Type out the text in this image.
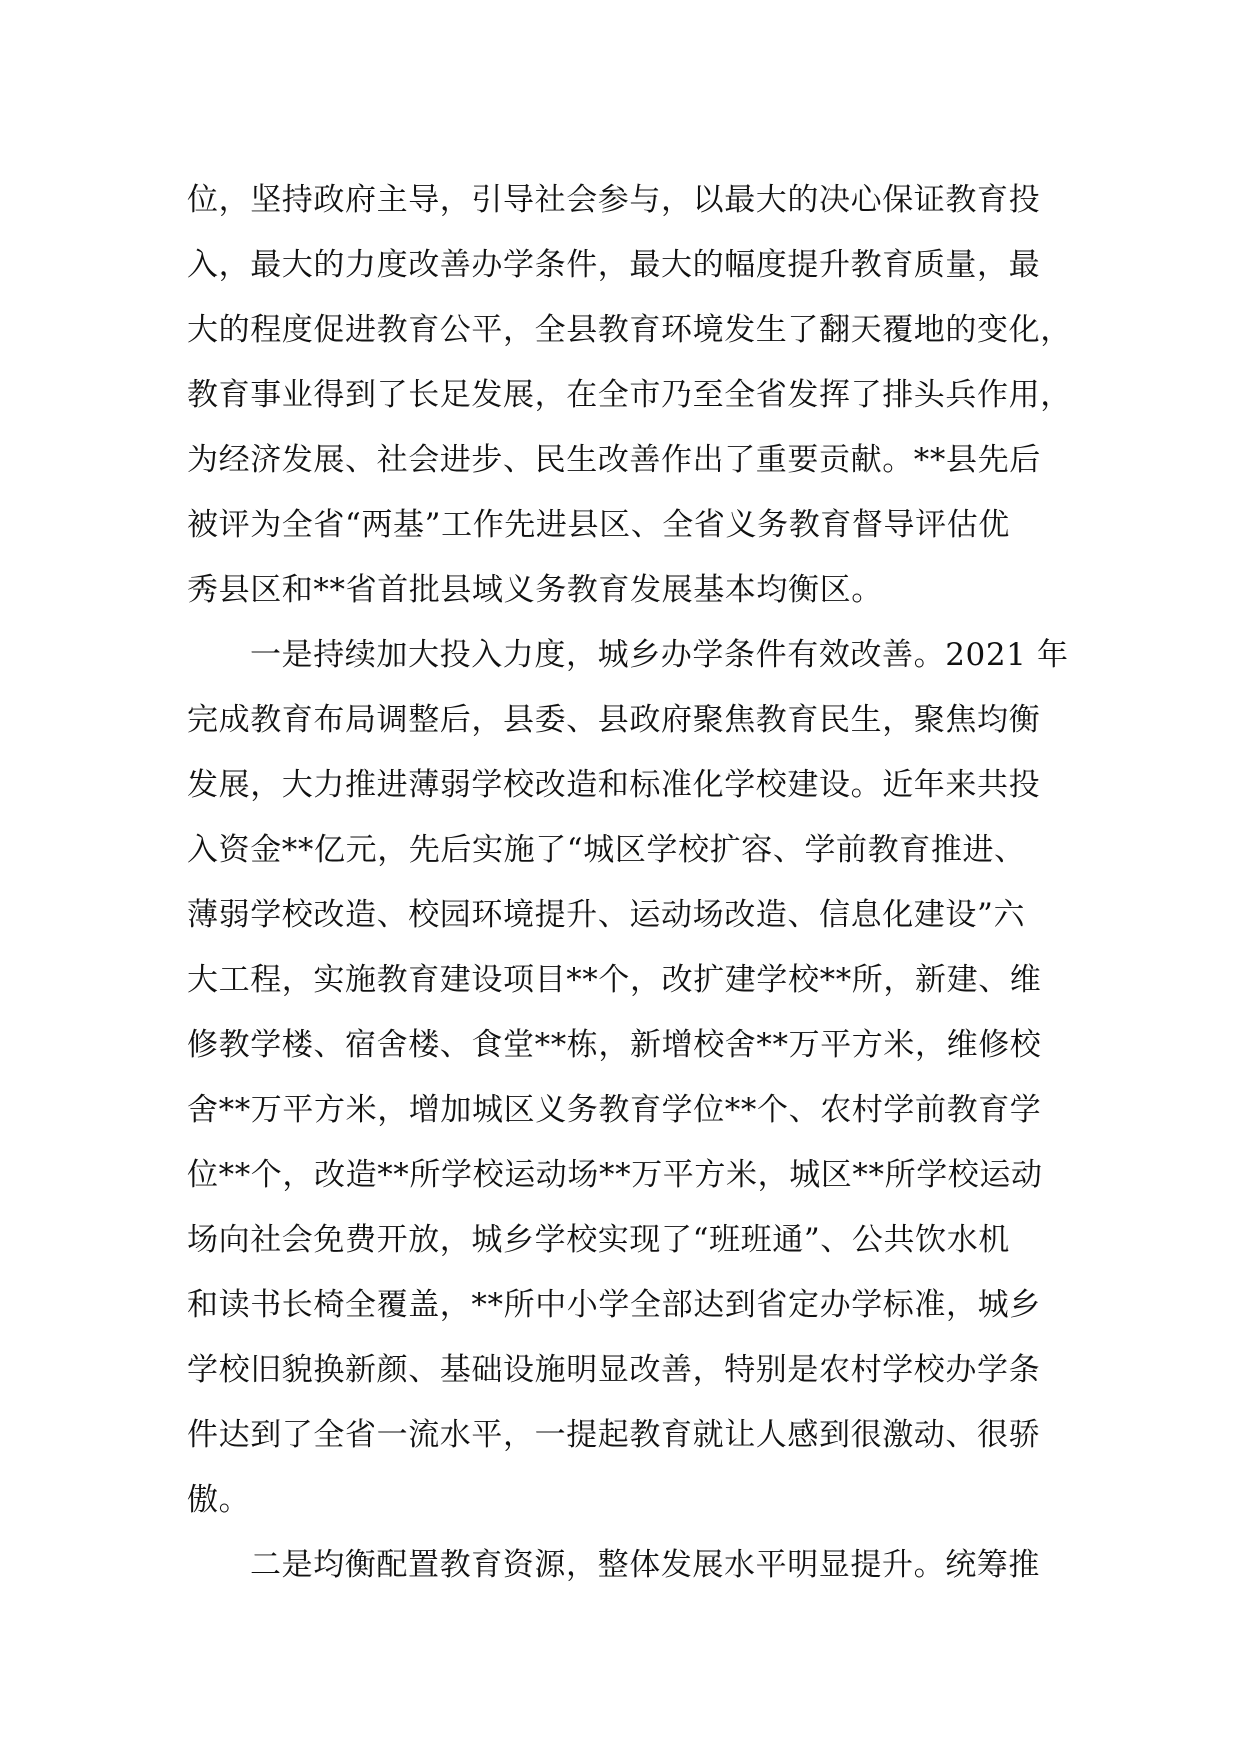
位，坚持政府主导，引导社会参与，以最大的决心保证教育投
入，最大的力度改善办学条件，最大的幅度提升教育质量，最
大的程度促进教育公平，全县教育环境发生了翻天覆地的变化，
教育事业得到了长足发展，在全市乃至全省发挥了排头兵作用，
为经济发展、社会进步、民生改善作出了重要贡献。**县先后
被评为全省“两基”工作先进县区、全省义务教育督导评估优
秀县区和**省首批县域义务教育发展基本均衡区。
一是持续加大投入力度，城乡办学条件有效改善。2021 年
完成教育布局调整后，县委、县政府聚焦教育民生，聚焦均衡
发展，大力推进薄弱学校改造和标准化学校建设。近年来共投
入资金**亿元，先后实施了“城区学校扩容、学前教育推进、
薄弱学校改造、校园环境提升、运动场改造、信息化建设”六
大工程，实施教育建设项目**个，改扩建学校**所，新建、维
修教学楼、宿舍楼、食堂**栋，新增校舍**万平方米，维修校
舍**万平方米，增加城区义务教育学位**个、农村学前教育学
位**个，改造**所学校运动场**万平方米，城区**所学校运动
场向社会免费开放，城乡学校实现了“班班通”、公共饮水机
和读书长椅全覆盖，**所中小学全部达到省定办学标准，城乡
学校旧貌换新颜、基础设施明显改善，特别是农村学校办学条
件达到了全省一流水平，一提起教育就让人感到很激动、很骄
傲。
二是均衡配置教育资源，整体发展水平明显提升。统筹推
